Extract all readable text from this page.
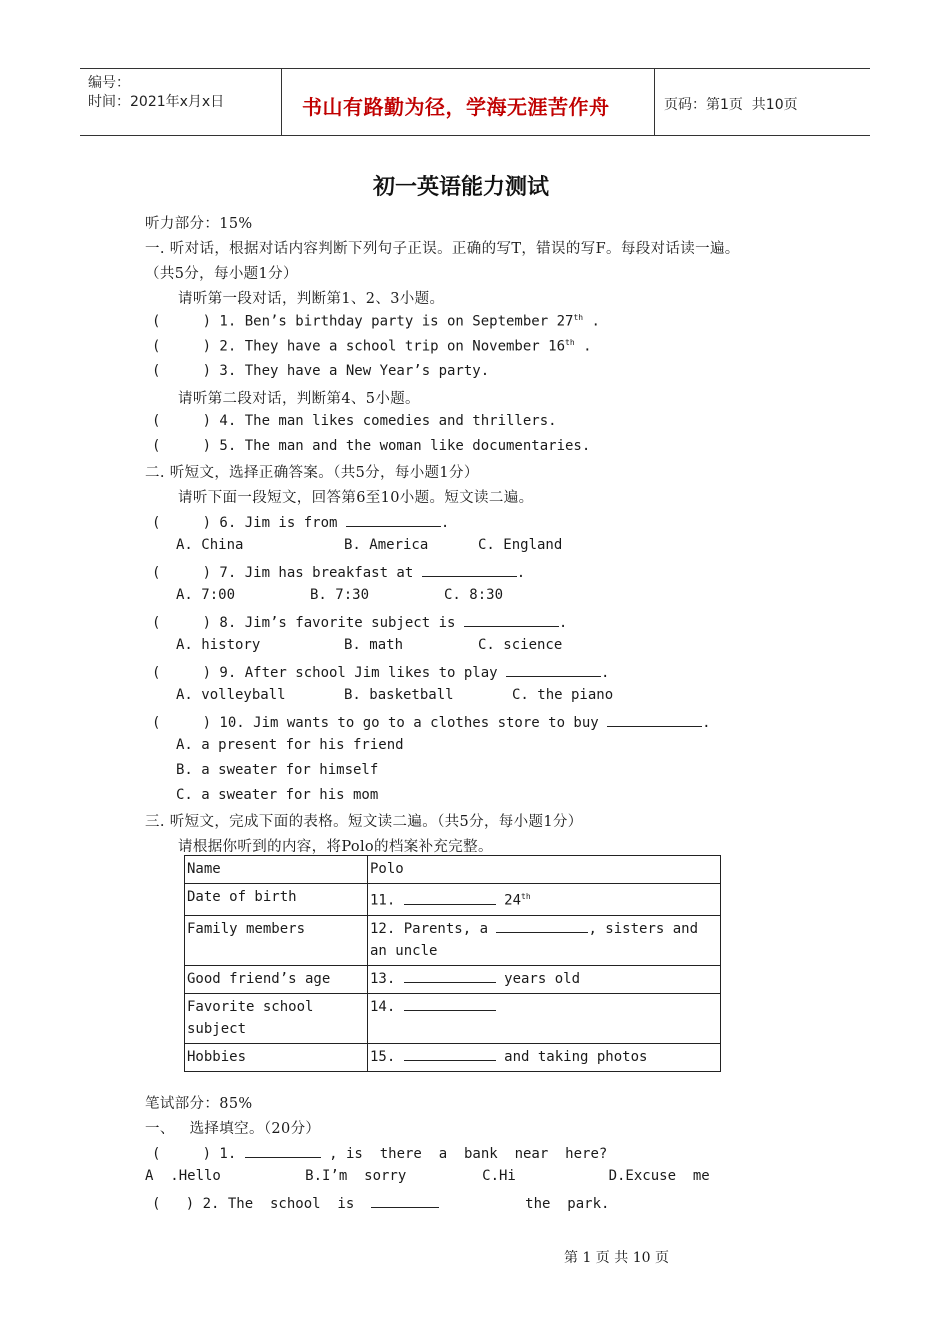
编号：
时间：2021年x月x日	书山有路勤为径，学海无涯苦作舟	页码：第1页  共10页
初一英语能力测试
听力部分：15%
一. 听对话，根据对话内容判断下列句子正误。正确的写T，错误的写F。每段对话读一遍。
（共5分，每小题1分）
请听第一段对话，判断第1、2、3小题。
(     ) 1. Ben’s birthday party is on September 27th .
(     ) 2. They have a school trip on November 16th .
(     ) 3. They have a New Year’s party.
请听第二段对话，判断第4、5小题。
(     ) 4. The man likes comedies and thrillers.
(     ) 5. The man and the woman like documentaries.
二. 听短文，选择正确答案。（共5分，每小题1分）
请听下面一段短文，回答第6至10小题。短文读二遍。
(     ) 6. Jim is from	.
A. China	B. America	C. England
(     ) 7. Jim has breakfast at	.
A. 7:00	B. 7:30	C. 8:30
(     ) 8. Jim’s favorite subject is	.
A. history	B. math	C. science
(     ) 9. After school Jim likes to play	.
A. volleyball	B. basketball	C. the piano
(     ) 10. Jim wants to go to a clothes store to buy	.
A. a present for his friend
B. a sweater for himself
C. a sweater for his mom
三. 听短文，完成下面的表格。短文读二遍。（共5分，每小题1分）
请根据你听到的内容，将Polo的档案补充完整。
Name	Polo
Date of birth	11. 24th
Family members	12. Parents, a , sisters and
an uncle
Good friend’s age	13. years old
Favorite school
subject	14.
Hobbies	15. and taking photos
笔试部分：85%
一、   选择填空。（20分）
(     ) 1.	, is  there  a  bank  near  here?
A  .Hello          B.I’m  sorry         C.Hi           D.Excuse  me
(   ) 2. The  school  is	the  park.
第 1 页 共 10 页
